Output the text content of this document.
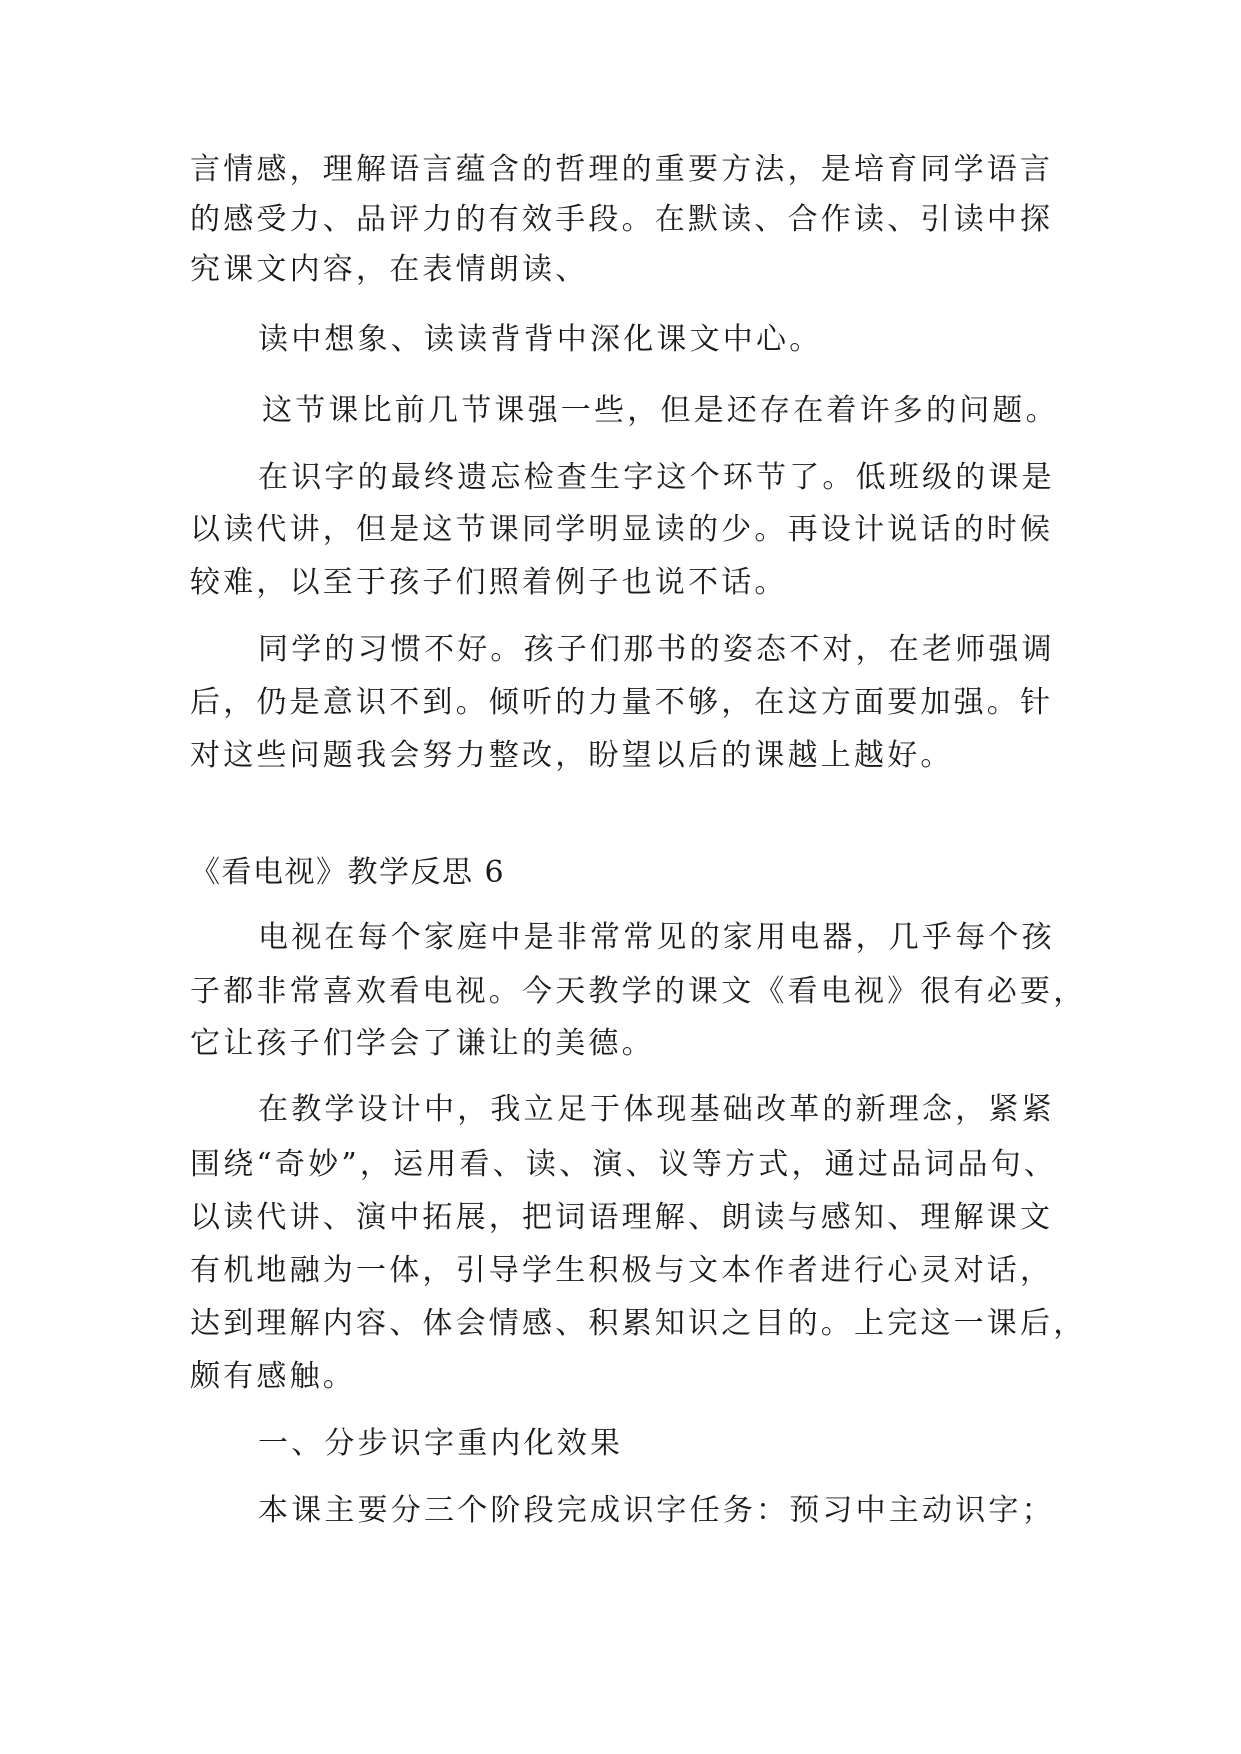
言情感，理解语言蕴含的哲理的重要方法，是培育同学语言
的感受力、品评力的有效手段。在默读、合作读、引读中探
究课文内容，在表情朗读、
读中想象、读读背背中深化课文中心。
这节课比前几节课强一些，但是还存在着许多的问题。
在识字的最终遗忘检查生字这个环节了。低班级的课是
以读代讲，但是这节课同学明显读的少。再设计说话的时候
较难，以至于孩子们照着例子也说不话。
同学的习惯不好。孩子们那书的姿态不对，在老师强调
后，仍是意识不到。倾听的力量不够，在这方面要加强。针
对这些问题我会努力整改，盼望以后的课越上越好。
《看电视》教学反思 6
电视在每个家庭中是非常常见的家用电器，几乎每个孩
子都非常喜欢看电视。今天教学的课文《看电视》很有必要，
它让孩子们学会了谦让的美德。
在教学设计中，我立足于体现基础改革的新理念，紧紧
围绕“奇妙”，运用看、读、演、议等方式，通过品词品句、
以读代讲、演中拓展，把词语理解、朗读与感知、理解课文
有机地融为一体，引导学生积极与文本作者进行心灵对话，
达到理解内容、体会情感、积累知识之目的。上完这一课后，
颇有感触。
一、分步识字重内化效果
本课主要分三个阶段完成识字任务：预习中主动识字；
